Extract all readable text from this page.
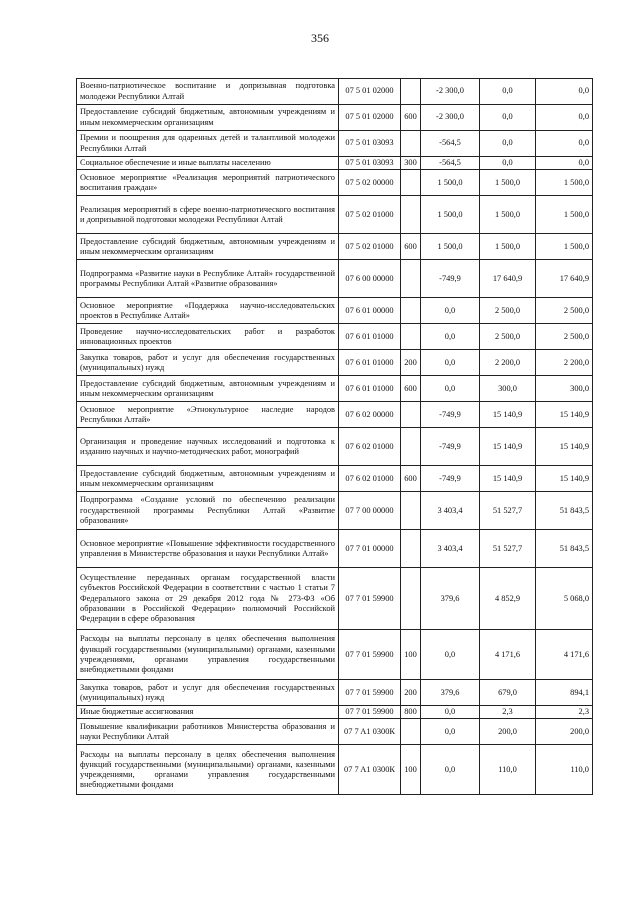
356
Военно-патриотическое воспитание и допризывная подготовка молодежи Республики Алтай	07 5 01 02000		-2 300,0	0,0	0,0
Предоставление субсидий бюджетным, автономным учреждениям и иным некоммерческим организациям	07 5 01 02000	600	-2 300,0	0,0	0,0
Премии и поощрения для одаренных детей и талантливой молодежи Республики Алтай	07 5 01 03093		-564,5	0,0	0,0
Социальное обеспечение и иные выплаты населению	07 5 01 03093	300	-564,5	0,0	0,0
Основное мероприятие «Реализация мероприятий патриотического воспитания граждан»	07 5 02 00000		1 500,0	1 500,0	1 500,0
Реализация мероприятий в сфере военно-патриотического воспитания и допризывной подготовки молодежи Республики Алтай	07 5 02 01000		1 500,0	1 500,0	1 500,0
Предоставление субсидий бюджетным, автономным учреждениям и иным некоммерческим организациям	07 5 02 01000	600	1 500,0	1 500,0	1 500,0
Подпрограмма «Развитие науки в Республике Алтай» государственной программы Республики Алтай «Развитие образования»	07 6 00 00000		-749,9	17 640,9	17 640,9
Основное мероприятие «Поддержка научно-исследовательских проектов в Республике Алтай»	07 6 01 00000		0,0	2 500,0	2 500,0
Проведение научно-исследовательских работ и разработок инновационных проектов	07 6 01 01000		0,0	2 500,0	2 500,0
Закупка товаров, работ и услуг для обеспечения государственных (муниципальных) нужд	07 6 01 01000	200	0,0	2 200,0	2 200,0
Предоставление субсидий бюджетным, автономным учреждениям и иным некоммерческим организациям	07 6 01 01000	600	0,0	300,0	300,0
Основное мероприятие «Этнокультурное наследие народов Республики Алтай»	07 6 02 00000		-749,9	15 140,9	15 140,9
Организация и проведение научных исследований и подготовка к изданию научных и научно-методических работ, монографий	07 6 02 01000		-749,9	15 140,9	15 140,9
Предоставление субсидий бюджетным, автономным учреждениям и иным некоммерческим организациям	07 6 02 01000	600	-749,9	15 140,9	15 140,9
Подпрограмма «Создание условий по обеспечению реализации государственной программы Республики Алтай «Развитие образования»	07 7 00 00000		3 403,4	51 527,7	51 843,5
Основное мероприятие «Повышение эффективности государственного управления в Министерстве образования и науки Республики Алтай»	07 7 01 00000		3 403,4	51 527,7	51 843,5
Осуществление переданных органам государственной власти субъектов Российской Федерации в соответствии с частью 1 статьи 7 Федерального закона от 29 декабря 2012 года № 273-ФЗ «Об образовании в Российской Федерации» полномочий Российской Федерации в сфере образования	07 7 01 59900		379,6	4 852,9	5 068,0
Расходы на выплаты персоналу в целях обеспечения выполнения функций государственными (муниципальными) органами, казенными учреждениями, органами управления государственными внебюджетными фондами	07 7 01 59900	100	0,0	4 171,6	4 171,6
Закупка товаров, работ и услуг для обеспечения государственных (муниципальных) нужд	07 7 01 59900	200	379,6	679,0	894,1
Иные бюджетные ассигнования	07 7 01 59900	800	0,0	2,3	2,3
Повышение квалификации работников Министерства образования и науки Республики Алтай	07 7 A1 0300К		0,0	200,0	200,0
Расходы на выплаты персоналу в целях обеспечения выполнения функций государственными (муниципальными) органами, казенными учреждениями, органами управления государственными внебюджетными фондами	07 7 A1 0300К	100	0,0	110,0	110,0
